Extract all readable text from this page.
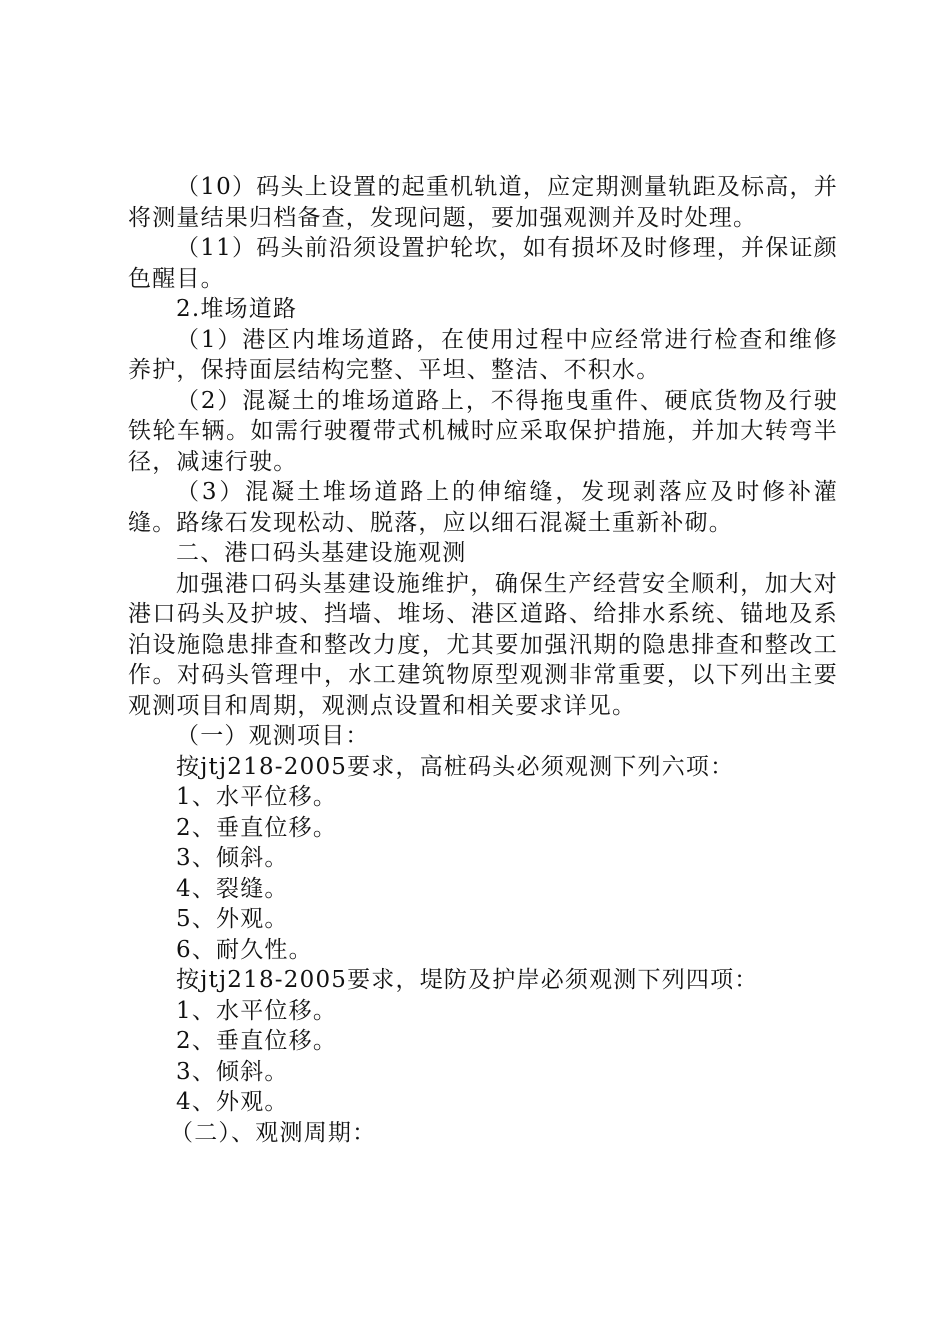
（10）码头上设置的起重机轨道，应定期测量轨距及标高，并将测量结果归档备查，发现问题，要加强观测并及时处理。

（11）码头前沿须设置护轮坎，如有损坏及时修理，并保证颜色醒目。

2.堆场道路

（1）港区内堆场道路，在使用过程中应经常进行检查和维修养护，保持面层结构完整、平坦、整洁、不积水。

（2）混凝土的堆场道路上，不得拖曳重件、硬底货物及行驶铁轮车辆。如需行驶覆带式机械时应采取保护措施，并加大转弯半径，减速行驶。

（3）混凝土堆场道路上的伸缩缝，发现剥落应及时修补灌缝。路缘石发现松动、脱落，应以细石混凝土重新补砌。

二、港口码头基建设施观测

加强港口码头基建设施维护，确保生产经营安全顺利，加大对港口码头及护坡、挡墙、堆场、港区道路、给排水系统、锚地及系泊设施隐患排查和整改力度，尤其要加强汛期的隐患排查和整改工作。对码头管理中，水工建筑物原型观测非常重要，以下列出主要观测项目和周期，观测点设置和相关要求详见。

（一）观测项目：

按jtj218-2005要求，高桩码头必须观测下列六项：

1、水平位移。

2、垂直位移。

3、倾斜。

4、裂缝。

5、外观。

6、耐久性。

按jtj218-2005要求，堤防及护岸必须观测下列四项：

1、水平位移。

2、垂直位移。

3、倾斜。

4、外观。

（二）、观测周期：
